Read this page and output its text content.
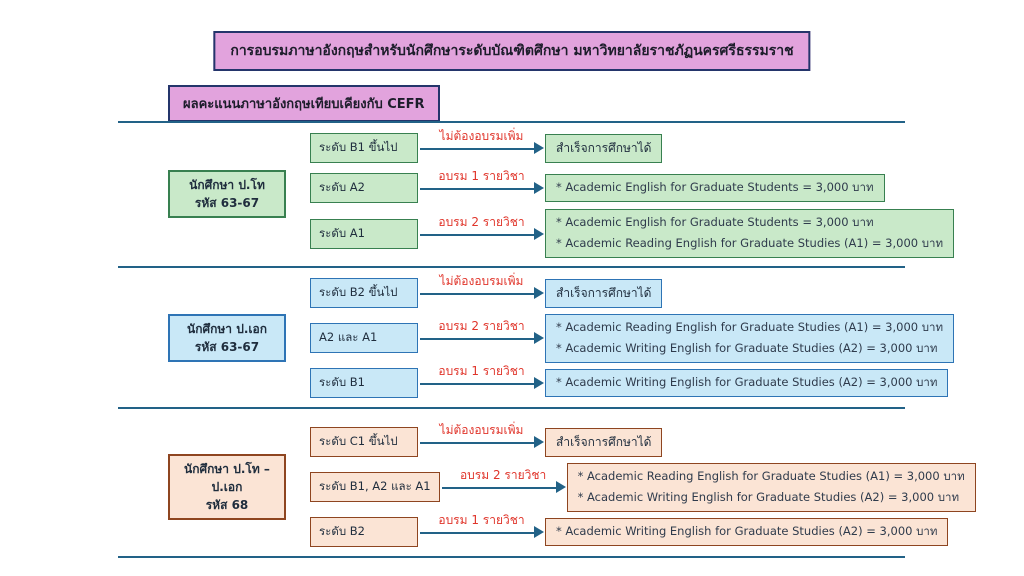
การอบรมภาษาอังกฤษสำหรับนักศึกษาระดับบัณฑิตศึกษา มหาวิทยาลัยราชภัฏนครศรีธรรมราช
ผลคะแนนภาษาอังกฤษเทียบเคียงกับ CEFR
นักศึกษา ป.โท
รหัส 63-67
ระดับ B1 ขึ้นไป
ไม่ต้องอบรมเพิ่ม
สำเร็จการศึกษาได้
ระดับ A2
อบรม 1 รายวิชา
* Academic English for Graduate Students = 3,000 บาท
ระดับ A1
อบรม 2 รายวิชา	* Academic English for Graduate Students = 3,000 บาท
* Academic Reading English for Graduate Studies (A1) = 3,000 บาท
นักศึกษา ป.เอก
รหัส 63-67
ระดับ B2 ขึ้นไป
ไม่ต้องอบรมเพิ่ม
สำเร็จการศึกษาได้
A2 และ A1
อบรม 2 รายวิชา	* Academic Reading English for Graduate Studies (A1) = 3,000 บาท
* Academic Writing English for Graduate Studies (A2) = 3,000 บาท
ระดับ B1
อบรม 1 รายวิชา
* Academic Writing English for Graduate Studies (A2) = 3,000 บาท
นักศึกษา ป.โท – ป.เอก
รหัส 68
ระดับ C1 ขึ้นไป
ไม่ต้องอบรมเพิ่ม
สำเร็จการศึกษาได้
ระดับ B1, A2 และ A1
อบรม 2 รายวิชา	* Academic Reading English for Graduate Studies (A1) = 3,000 บาท
* Academic Writing English for Graduate Studies (A2) = 3,000 บาท
ระดับ B2
อบรม 1 รายวิชา
* Academic Writing English for Graduate Studies (A2) = 3,000 บาท
